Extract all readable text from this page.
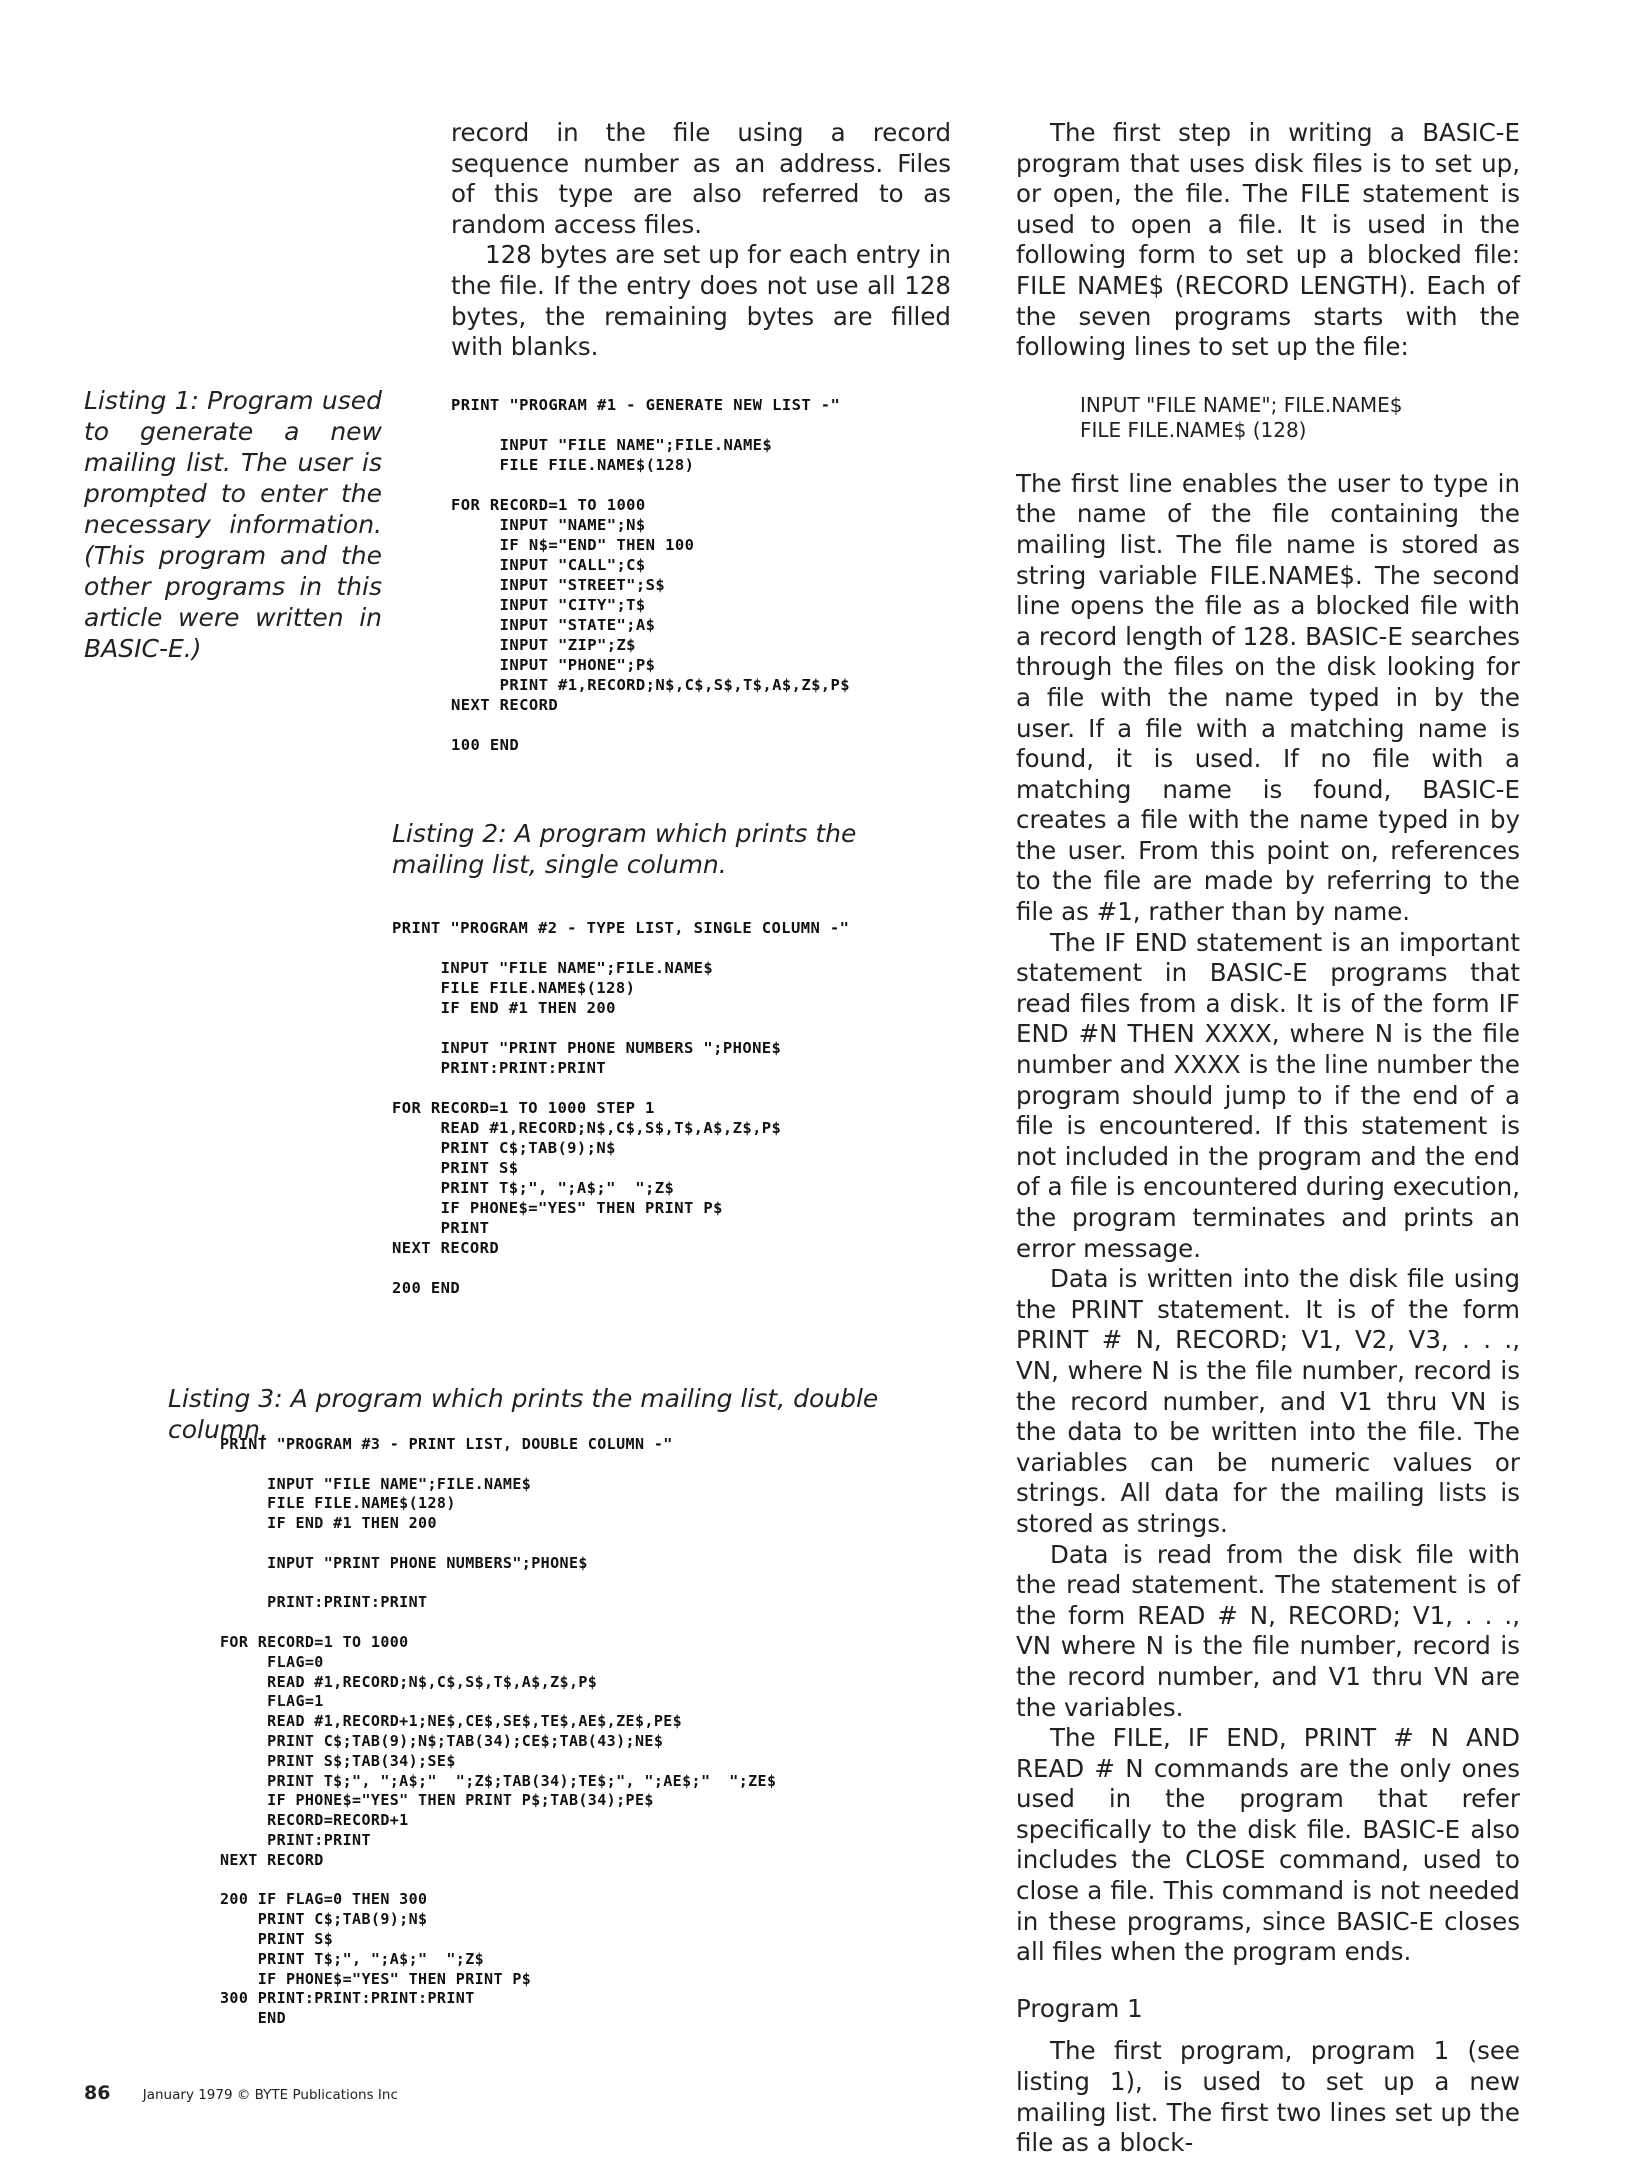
record in the file using a record sequence number as an address. Files of this type are also referred to as random access files.

128 bytes are set up for each entry in the file. If the entry does not use all 128 bytes, the remaining bytes are filled with blanks.

Listing 1: Program used to generate a new mailing list. The user is prompted to enter the necessary information. (This program and the other programs in this article were written in BASIC-E.)
PRINT "PROGRAM #1 - GENERATE NEW LIST -"

INPUT "FILE NAME";FILE.NAME$
FILE FILE.NAME$(128)

FOR RECORD=1 TO 1000
INPUT "NAME";N$
IF N$="END" THEN 100
INPUT "CALL";C$
INPUT "STREET";S$
INPUT "CITY";T$
INPUT "STATE";A$
INPUT "ZIP";Z$
INPUT "PHONE";P$
PRINT #1,RECORD;N$,C$,S$,T$,A$,Z$,P$
NEXT RECORD

100 END
Listing 2: A program which prints the mailing list, single column.
PRINT "PROGRAM #2 - TYPE LIST, SINGLE COLUMN -"

INPUT "FILE NAME";FILE.NAME$
FILE FILE.NAME$(128)
IF END #1 THEN 200

INPUT "PRINT PHONE NUMBERS ";PHONE$
PRINT:PRINT:PRINT

FOR RECORD=1 TO 1000 STEP 1
READ #1,RECORD;N$,C$,S$,T$,A$,Z$,P$
PRINT C$;TAB(9);N$
PRINT S$
PRINT T$;", ";A$;"  ";Z$
IF PHONE$="YES" THEN PRINT P$
PRINT
NEXT RECORD

200 END
Listing 3: A program which prints the mailing list, double column.
PRINT "PROGRAM #3 - PRINT LIST, DOUBLE COLUMN -"

INPUT "FILE NAME";FILE.NAME$
FILE FILE.NAME$(128)
IF END #1 THEN 200

INPUT "PRINT PHONE NUMBERS";PHONE$

PRINT:PRINT:PRINT

FOR RECORD=1 TO 1000
FLAG=0
READ #1,RECORD;N$,C$,S$,T$,A$,Z$,P$
FLAG=1
READ #1,RECORD+1;NE$,CE$,SE$,TE$,AE$,ZE$,PE$
PRINT C$;TAB(9);N$;TAB(34);CE$;TAB(43);NE$
PRINT S$;TAB(34);SE$
PRINT T$;", ";A$;"  ";Z$;TAB(34);TE$;", ";AE$;"  ";ZE$
IF PHONE$="YES" THEN PRINT P$;TAB(34);PE$
RECORD=RECORD+1
PRINT:PRINT
NEXT RECORD

200 IF FLAG=0 THEN 300
PRINT C$;TAB(9);N$
PRINT S$
PRINT T$;", ";A$;"  ";Z$
IF PHONE$="YES" THEN PRINT P$
300 PRINT:PRINT:PRINT:PRINT
END

The first step in writing a BASIC-E program that uses disk files is to set up, or open, the file. The FILE statement is used to open a file. It is used in the following form to set up a blocked file: FILE NAME$ (RECORD LENGTH). Each of the seven programs starts with the following lines to set up the file:

INPUT "FILE NAME"; FILE.NAME$
FILE FILE.NAME$ (128)

The first line enables the user to type in the name of the file containing the mailing list. The file name is stored as string variable FILE.NAME$. The second line opens the file as a blocked file with a record length of 128. BASIC-E searches through the files on the disk looking for a file with the name typed in by the user. If a file with a matching name is found, it is used. If no file with a matching name is found, BASIC-E creates a file with the name typed in by the user. From this point on, references to the file are made by referring to the file as #1, rather than by name.

The IF END statement is an important statement in BASIC-E programs that read files from a disk. It is of the form IF END #N THEN XXXX, where N is the file number and XXXX is the line number the program should jump to if the end of a file is encountered. If this statement is not included in the program and the end of a file is encountered during execution, the program terminates and prints an error message.

Data is written into the disk file using the PRINT statement. It is of the form PRINT # N, RECORD; V1, V2, V3, . . ., VN, where N is the file number, record is the record number, and V1 thru VN is the data to be written into the file. The variables can be numeric values or strings. All data for the mailing lists is stored as strings.

Data is read from the disk file with the read statement. The statement is of the form READ # N, RECORD; V1, . . ., VN where N is the file number, record is the record number, and V1 thru VN are the variables.

The FILE, IF END, PRINT # N AND READ # N commands are the only ones used in the program that refer specifically to the disk file. BASIC-E also includes the CLOSE command, used to close a file. This command is not needed in these programs, since BASIC-E closes all files when the program ends.

Program 1

The first program, program 1 (see listing 1), is used to set up a new mailing list. The first two lines set up the file as a block-

86 January 1979 © BYTE Publications Inc
